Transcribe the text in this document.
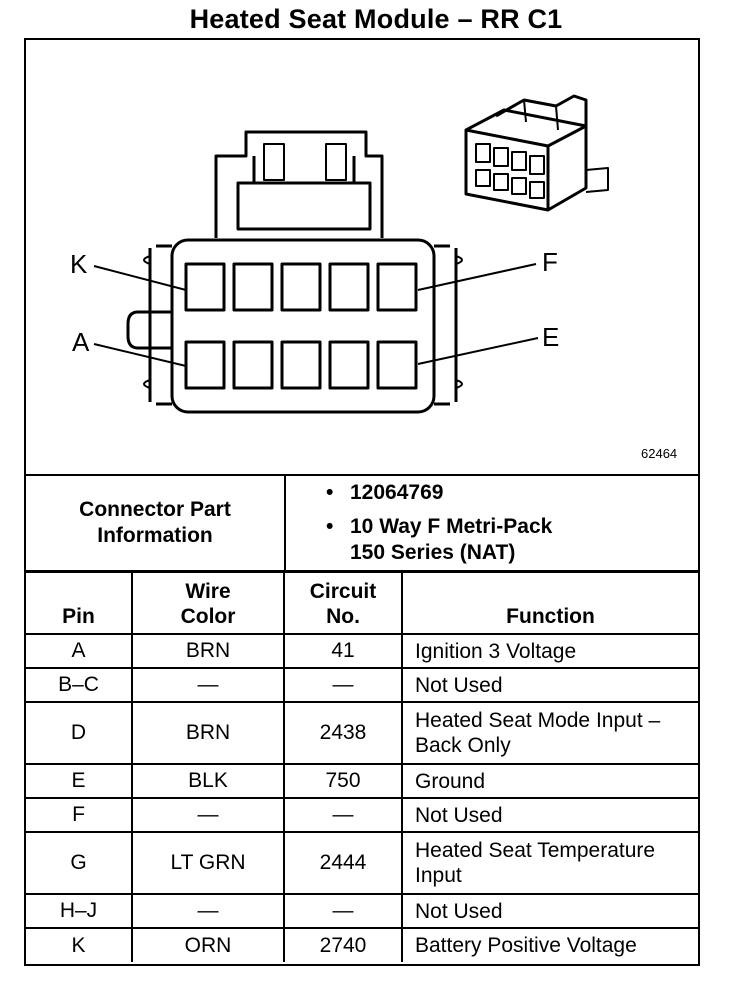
Heated Seat Module – RR C1
K	F
A	E
62464
Connector Part Information
• 12064769
• 10 Way F Metri-Pack
150 Series (NAT)
Pin	Wire Color	Circuit No.	Function
A	BRN	41	Ignition 3 Voltage
B–C	—	—	Not Used
D	BRN	2438	Heated Seat Mode Input – Back Only
E	BLK	750	Ground
F	—	—	Not Used
G	LT GRN	2444	Heated Seat Temperature Input
H–J	—	—	Not Used
K	ORN	2740	Battery Positive Voltage
